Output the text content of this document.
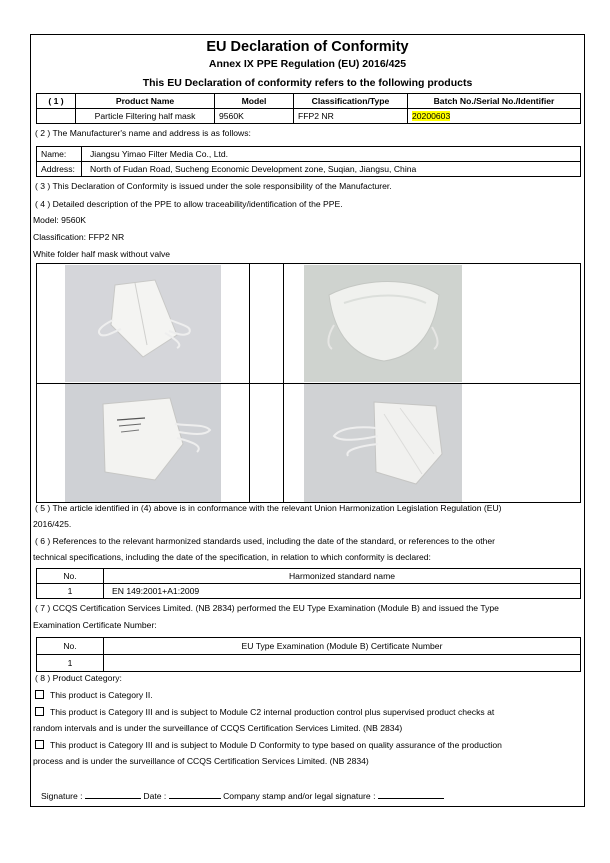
EU Declaration of Conformity
Annex IX PPE Regulation (EU) 2016/425
This EU Declaration of conformity refers to the following products
( 1 )	Product Name	Model	Classification/Type	Batch No./Serial No./Identifier
	Particle Filtering half mask	9560K	FFP2 NR	20200603
( 2 ) The Manufacturer's name and address is as follows:
Name:	Jiangsu Yimao Filter Media Co., Ltd.
Address:	North of Fudan Road, Sucheng Economic Development zone, Suqian, Jiangsu, China
( 3 ) This Declaration of Conformity is issued under the sole responsibility of the Manufacturer.
( 4 ) Detailed description of the PPE to allow traceability/identification of the PPE.
Model: 9560K
Classification: FFP2 NR
White folder half mask without valve
( 5 ) The article identified in (4) above is in conformance with the relevant Union Harmonization Legislation Regulation (EU)
2016/425.
( 6 ) References to the relevant harmonized standards used, including the date of the standard, or references to the other
technical specifications, including the date of the specification, in relation to which conformity is declared:
No.	Harmonized standard name
1	EN 149:2001+A1:2009
( 7 ) CCQS Certification Services Limited. (NB 2834) performed the EU Type Examination (Module B) and issued the Type
Examination Certificate Number:
No.	EU Type Examination (Module B) Certificate Number
1	
( 8 ) Product Category:
This product is Category II.
This product is Category III and is subject to Module C2 internal production control plus supervised product checks at
random intervals and is under the surveillance of CCQS Certification Services Limited. (NB 2834)
This product is Category III and is subject to Module D Conformity to type based on quality assurance of the production
process and is under the surveillance of CCQS Certification Services Limited. (NB 2834)
Signature :	Date :	Company stamp and/or legal signature :
